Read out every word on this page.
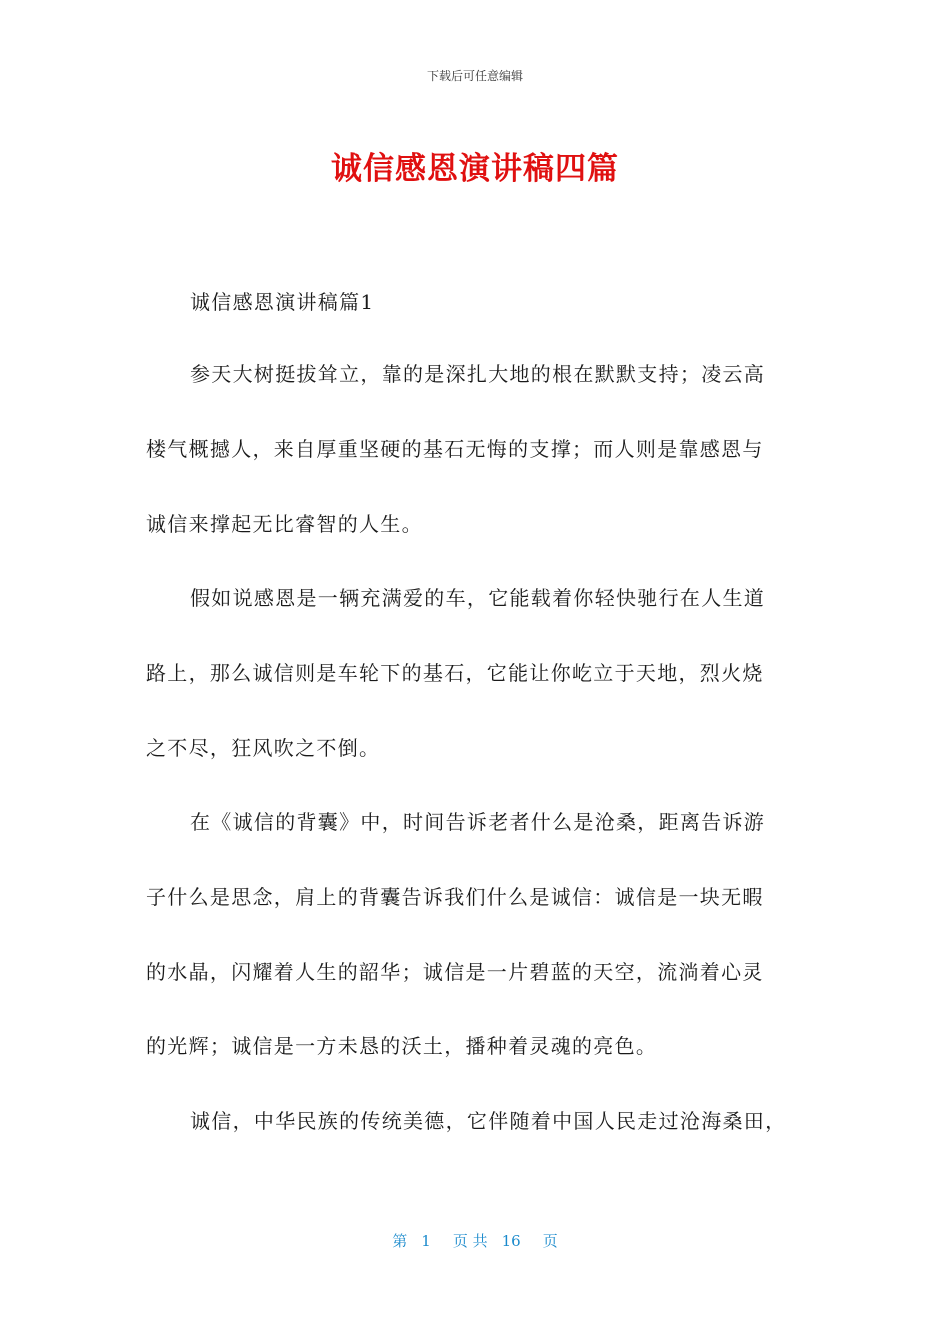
下载后可任意编辑
诚信感恩演讲稿四篇
诚信感恩演讲稿篇1
参天大树挺拔耸立，靠的是深扎大地的根在默默支持；凌云高
楼气概撼人，来自厚重坚硬的基石无悔的支撑；而人则是靠感恩与
诚信来撑起无比睿智的人生。
假如说感恩是一辆充满爱的车，它能载着你轻快驰行在人生道
路上，那么诚信则是车轮下的基石，它能让你屹立于天地，烈火烧
之不尽，狂风吹之不倒。
在《诚信的背囊》中，时间告诉老者什么是沧桑，距离告诉游
子什么是思念，肩上的背囊告诉我们什么是诚信：诚信是一块无暇
的水晶，闪耀着人生的韶华；诚信是一片碧蓝的天空，流淌着心灵
的光辉；诚信是一方未恳的沃土，播种着灵魂的亮色。
诚信，中华民族的传统美德，它伴随着中国人民走过沧海桑田，
第 1 页 共 16 页
